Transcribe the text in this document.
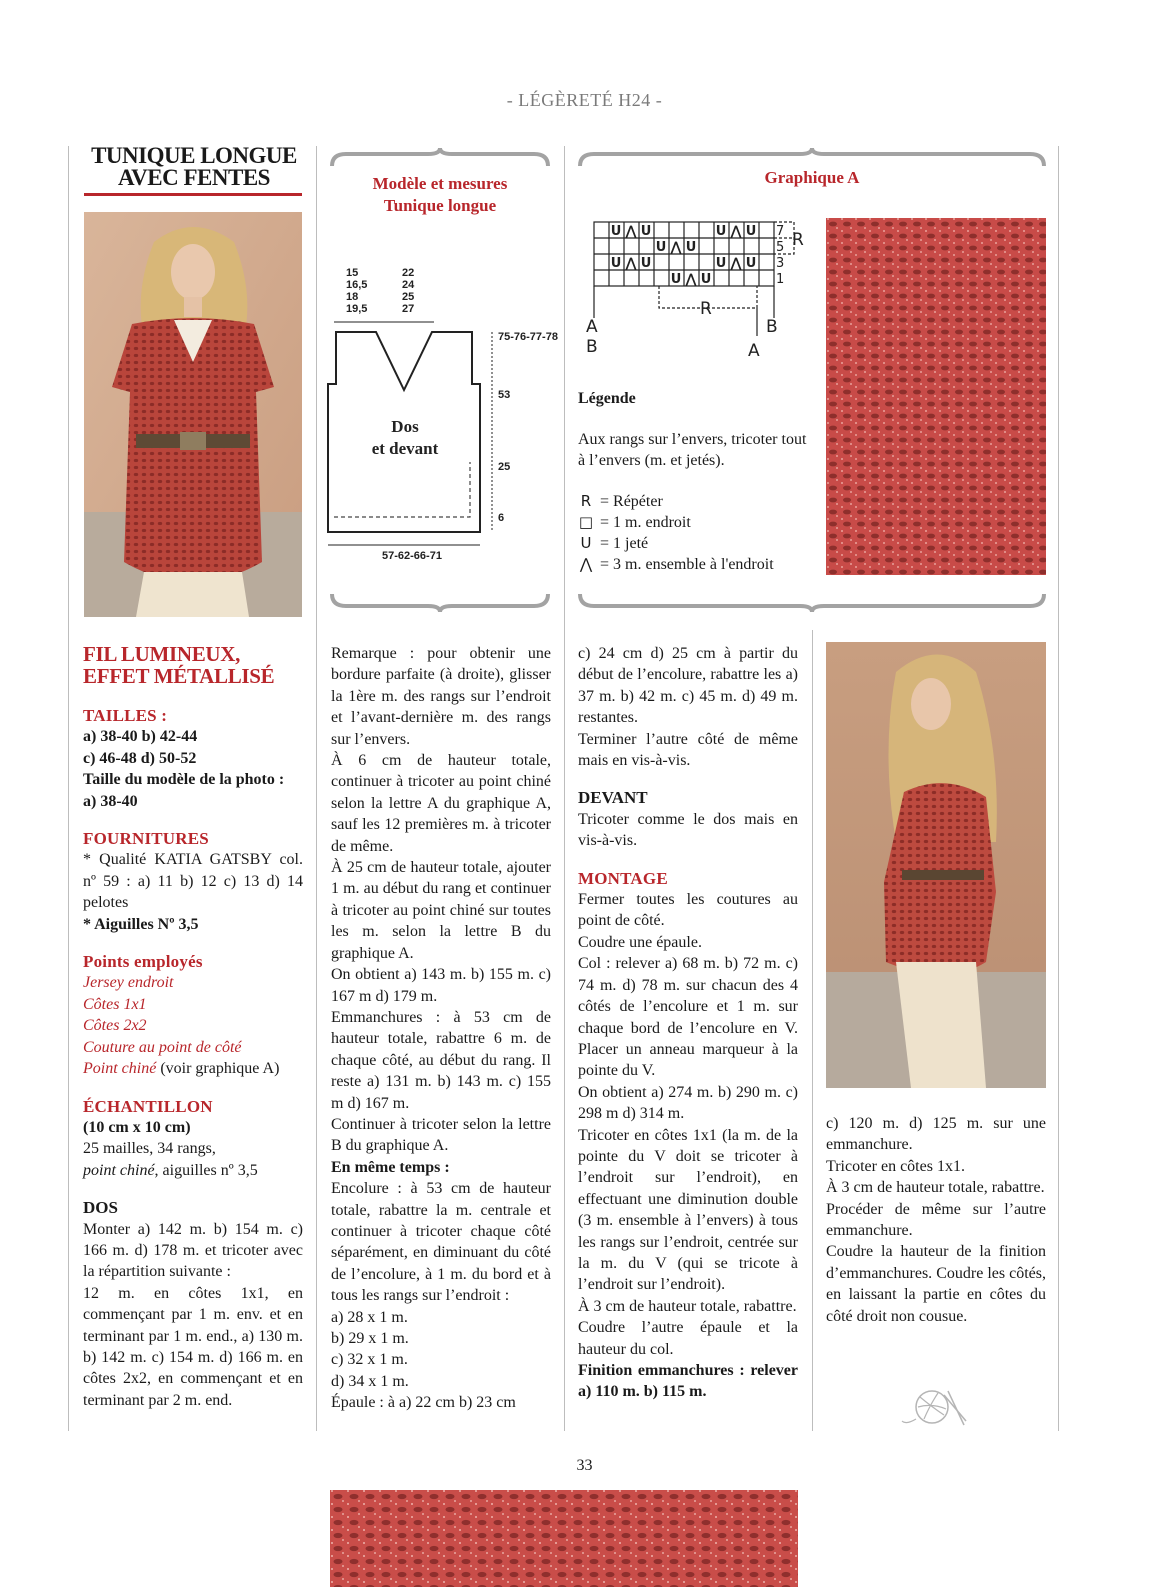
- LÉGÈRETÉ H24 -
TUNIQUE LONGUE
AVEC FENTES	Modèle et mesures
Tunique longue
15
16,5
18
19,5
22
24
25
27
75-76-77-78
53
25
6
57-62-66-71
Dos
et devant
Graphique A
U ⋀ U	U ⋀ U
U ⋀ U
U ⋀ U	U ⋀ U
U ⋀ U
7
5
3
1
R
R
A
B
B
A
Légende
Aux rangs sur l’envers, tricoter tout à l’envers (m. et jetés).
R = Répéter
□ = 1 m. endroit
U = 1 jeté
⋀ = 3 m. ensemble à l'endroit
FIL LUMINEUX,
EFFET MÉTALLISÉ
TAILLES :
a) 38-40 b) 42-44
c) 46-48 d) 50-52
Taille du modèle de la photo :
a) 38-40
FOURNITURES
* Qualité KATIA GATSBY col. nº 59 : a) 11 b) 12 c) 13 d) 14 pelotes
* Aiguilles Nº 3,5
Points employés
Jersey endroit
Côtes 1x1
Côtes 2x2
Couture au point de côté
Point chiné (voir graphique A)
ÉCHANTILLON
(10 cm x 10 cm)
25 mailles, 34 rangs,
point chiné, aiguilles nº 3,5
DOS
Monter a) 142 m. b) 154 m. c) 166 m. d) 178 m. et tricoter avec la répartition suivante :
12 m. en côtes 1x1, en commençant par 1 m. env. et en terminant par 1 m. end., a) 130 m. b) 142 m. c) 154 m. d) 166 m. en côtes 2x2, en commençant et en terminant par 2 m. end.

Remarque : pour obtenir une bordure parfaite (à droite), glisser la 1ère m. des rangs sur l’endroit et l’avant-dernière m. des rangs sur l’envers.

À 6 cm de hauteur totale, continuer à tricoter au point chiné selon la lettre A du graphique A, sauf les 12 premières m. à tricoter de même.

À 25 cm de hauteur totale, ajouter 1 m. au début du rang et continuer à tricoter au point chiné sur toutes les m. selon la lettre B du graphique A.

On obtient a) 143 m. b) 155 m. c) 167 m d) 179 m.

Emmanchures : à 53 cm de hauteur totale, rabattre 6 m. de chaque côté, au début du rang. Il reste a) 131 m. b) 143 m. c) 155 m d) 167 m.

Continuer à tricoter selon la lettre B du graphique A.

En même temps :

Encolure : à 53 cm de hauteur totale, rabattre la m. centrale et continuer à tricoter chaque côté séparément, en diminuant du côté de l’encolure, à 1 m. du bord et à tous les rangs sur l’endroit :

a) 28 x 1 m.

b) 29 x 1 m.

c) 32 x 1 m.

d) 34 x 1 m.

Épaule : à a) 22 cm b) 23 cm

c) 24 cm d) 25 cm à partir du début de l’encolure, rabattre les a) 37 m. b) 42 m. c) 45 m. d) 49 m. restantes.

Terminer l’autre côté de même mais en vis-à-vis.

DEVANT

Tricoter comme le dos mais en vis-à-vis.

MONTAGE

Fermer toutes les coutures au point de côté.

Coudre une épaule.

Col : relever a) 68 m. b) 72 m. c) 74 m. d) 78 m. sur chacun des 4 côtés de l’encolure et 1 m. sur chaque bord de l’encolure en V. Placer un anneau marqueur à la pointe du V.

On obtient a) 274 m. b) 290 m. c) 298 m d) 314 m.

Tricoter en côtes 1x1 (la m. de la pointe du V doit se tricoter à l’endroit sur l’endroit), en effectuant une diminution double (3 m. ensemble à l’envers) à tous les rangs sur l’endroit, centrée sur la m. du V (qui se tricote à l’endroit sur l’endroit).

À 3 cm de hauteur totale, rabattre.

Coudre l’autre épaule et la hauteur du col.

Finition emmanchures : relever a) 110 m. b) 115 m.

c) 120 m. d) 125 m. sur une emmanchure.

Tricoter en côtes 1x1.

À 3 cm de hauteur totale, rabattre.

Procéder de même sur l’autre emmanchure.

Coudre la hauteur de la finition d’emmanchures. Coudre les côtés, en laissant la partie en côtes du côté droit non cousue.

33
